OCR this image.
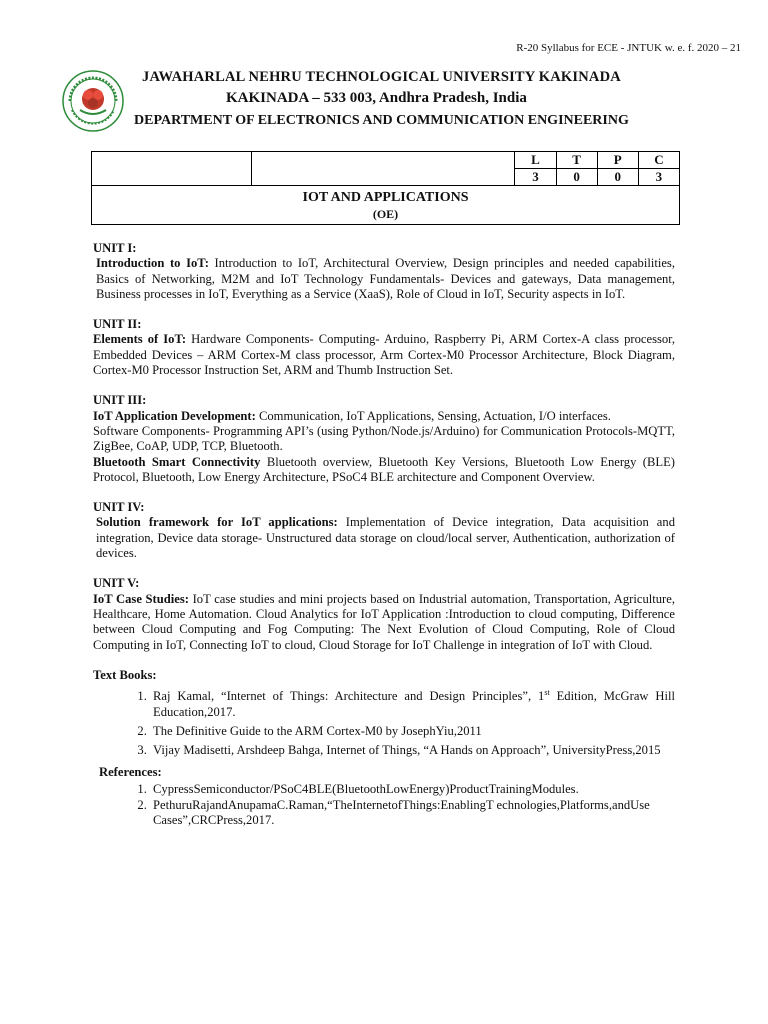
R-20 Syllabus for ECE - JNTUK w. e. f. 2020 – 21
JAWAHARLAL NEHRU TECHNOLOGICAL UNIVERSITY KAKINADA
KAKINADA – 533 003, Andhra Pradesh, India
DEPARTMENT OF ELECTRONICS AND COMMUNICATION ENGINEERING
		L	T	P	C
		3	0	0	3

IOT AND APPLICATIONS
(OE)					
UNIT I:

Introduction to IoT: Introduction to IoT, Architectural Overview, Design principles and needed capabilities, Basics of Networking, M2M and IoT Technology Fundamentals- Devices and gateways, Data management, Business processes in IoT, Everything as a Service (XaaS), Role of Cloud in IoT, Security aspects in IoT.

UNIT II:

Elements of IoT: Hardware Components- Computing- Arduino, Raspberry Pi, ARM Cortex-A class processor, Embedded Devices – ARM Cortex-M class processor, Arm Cortex-M0 Processor Architecture, Block Diagram, Cortex-M0 Processor Instruction Set, ARM and Thumb Instruction Set.

UNIT III:

IoT Application Development: Communication, IoT Applications, Sensing, Actuation, I/O interfaces.

Software Components- Programming API’s (using Python/Node.js/Arduino) for Communication Protocols-MQTT, ZigBee, CoAP, UDP, TCP, Bluetooth.

Bluetooth Smart Connectivity Bluetooth overview, Bluetooth Key Versions, Bluetooth Low Energy (BLE) Protocol, Bluetooth, Low Energy Architecture, PSoC4 BLE architecture and Component Overview.

UNIT IV:

Solution framework for IoT applications: Implementation of Device integration, Data acquisition and integration, Device data storage- Unstructured data storage on cloud/local server, Authentication, authorization of devices.

UNIT V:

IoT Case Studies: IoT case studies and mini projects based on Industrial automation, Transportation, Agriculture, Healthcare, Home Automation. Cloud Analytics for IoT Application :Introduction to cloud computing, Difference between Cloud Computing and Fog Computing: The Next Evolution of Cloud Computing, Role of Cloud Computing in IoT, Connecting IoT to cloud, Cloud Storage for IoT Challenge in integration of IoT with Cloud.

Text Books:
1. Raj Kamal, “Internet of Things: Architecture and Design Principles”, 1st Edition, McGraw Hill Education,2017.
2. The Definitive Guide to the ARM Cortex-M0 by JosephYiu,2011
3. Vijay Madisetti, Arshdeep Bahga, Internet of Things, “A Hands on Approach”, UniversityPress,2015
References:
1. CypressSemiconductor/PSoC4BLE(BluetoothLowEnergy)ProductTrainingModules.
2. PethuruRajandAnupamaC.Raman,“TheInternetofThings:EnablingT echnologies,Platforms,andUse Cases”,CRCPress,2017.
